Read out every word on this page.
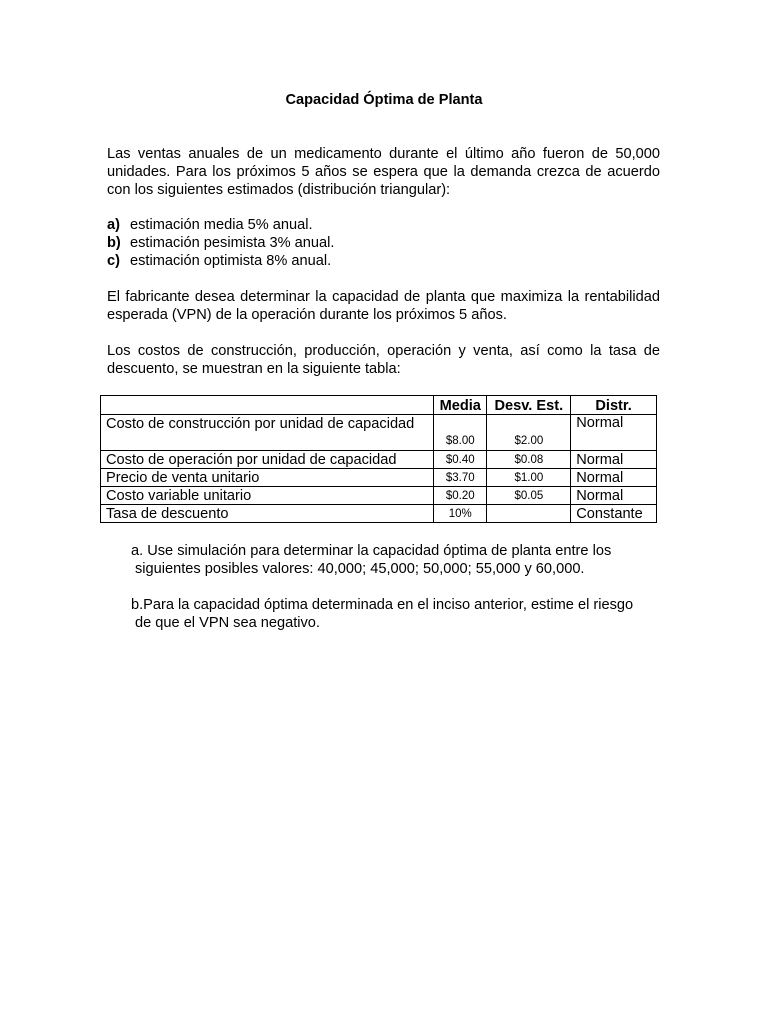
Capacidad Óptima de Planta

Las ventas anuales de un medicamento durante el último año fueron de 50,000 unidades. Para los próximos 5 años se espera que la demanda crezca de acuerdo con los siguientes estimados (distribución triangular):

a) estimación media 5% anual.
b) estimación pesimista 3% anual.
c) estimación optimista 8% anual.

El fabricante desea determinar la capacidad de planta que maximiza la rentabilidad esperada (VPN) de la operación durante los próximos 5 años.

Los costos de construcción, producción, operación y venta, así como la tasa de descuento, se muestran en la siguiente tabla:

	Media	Desv. Est.	Distr.
Costo de construcción por unidad de capacidad	$8.00	$2.00	Normal
Costo de operación por unidad de capacidad	$0.40	$0.08	Normal
Precio de venta unitario	$3.70	$1.00	Normal
Costo variable unitario	$0.20	$0.05	Normal
Tasa de descuento	10%		Constante

a. Use simulación para determinar la capacidad óptima de planta entre los
siguientes posibles valores: 40,000; 45,000; 50,000; 55,000 y 60,000.

b.Para la capacidad óptima determinada en el inciso anterior, estime el riesgo
de que el VPN sea negativo.
